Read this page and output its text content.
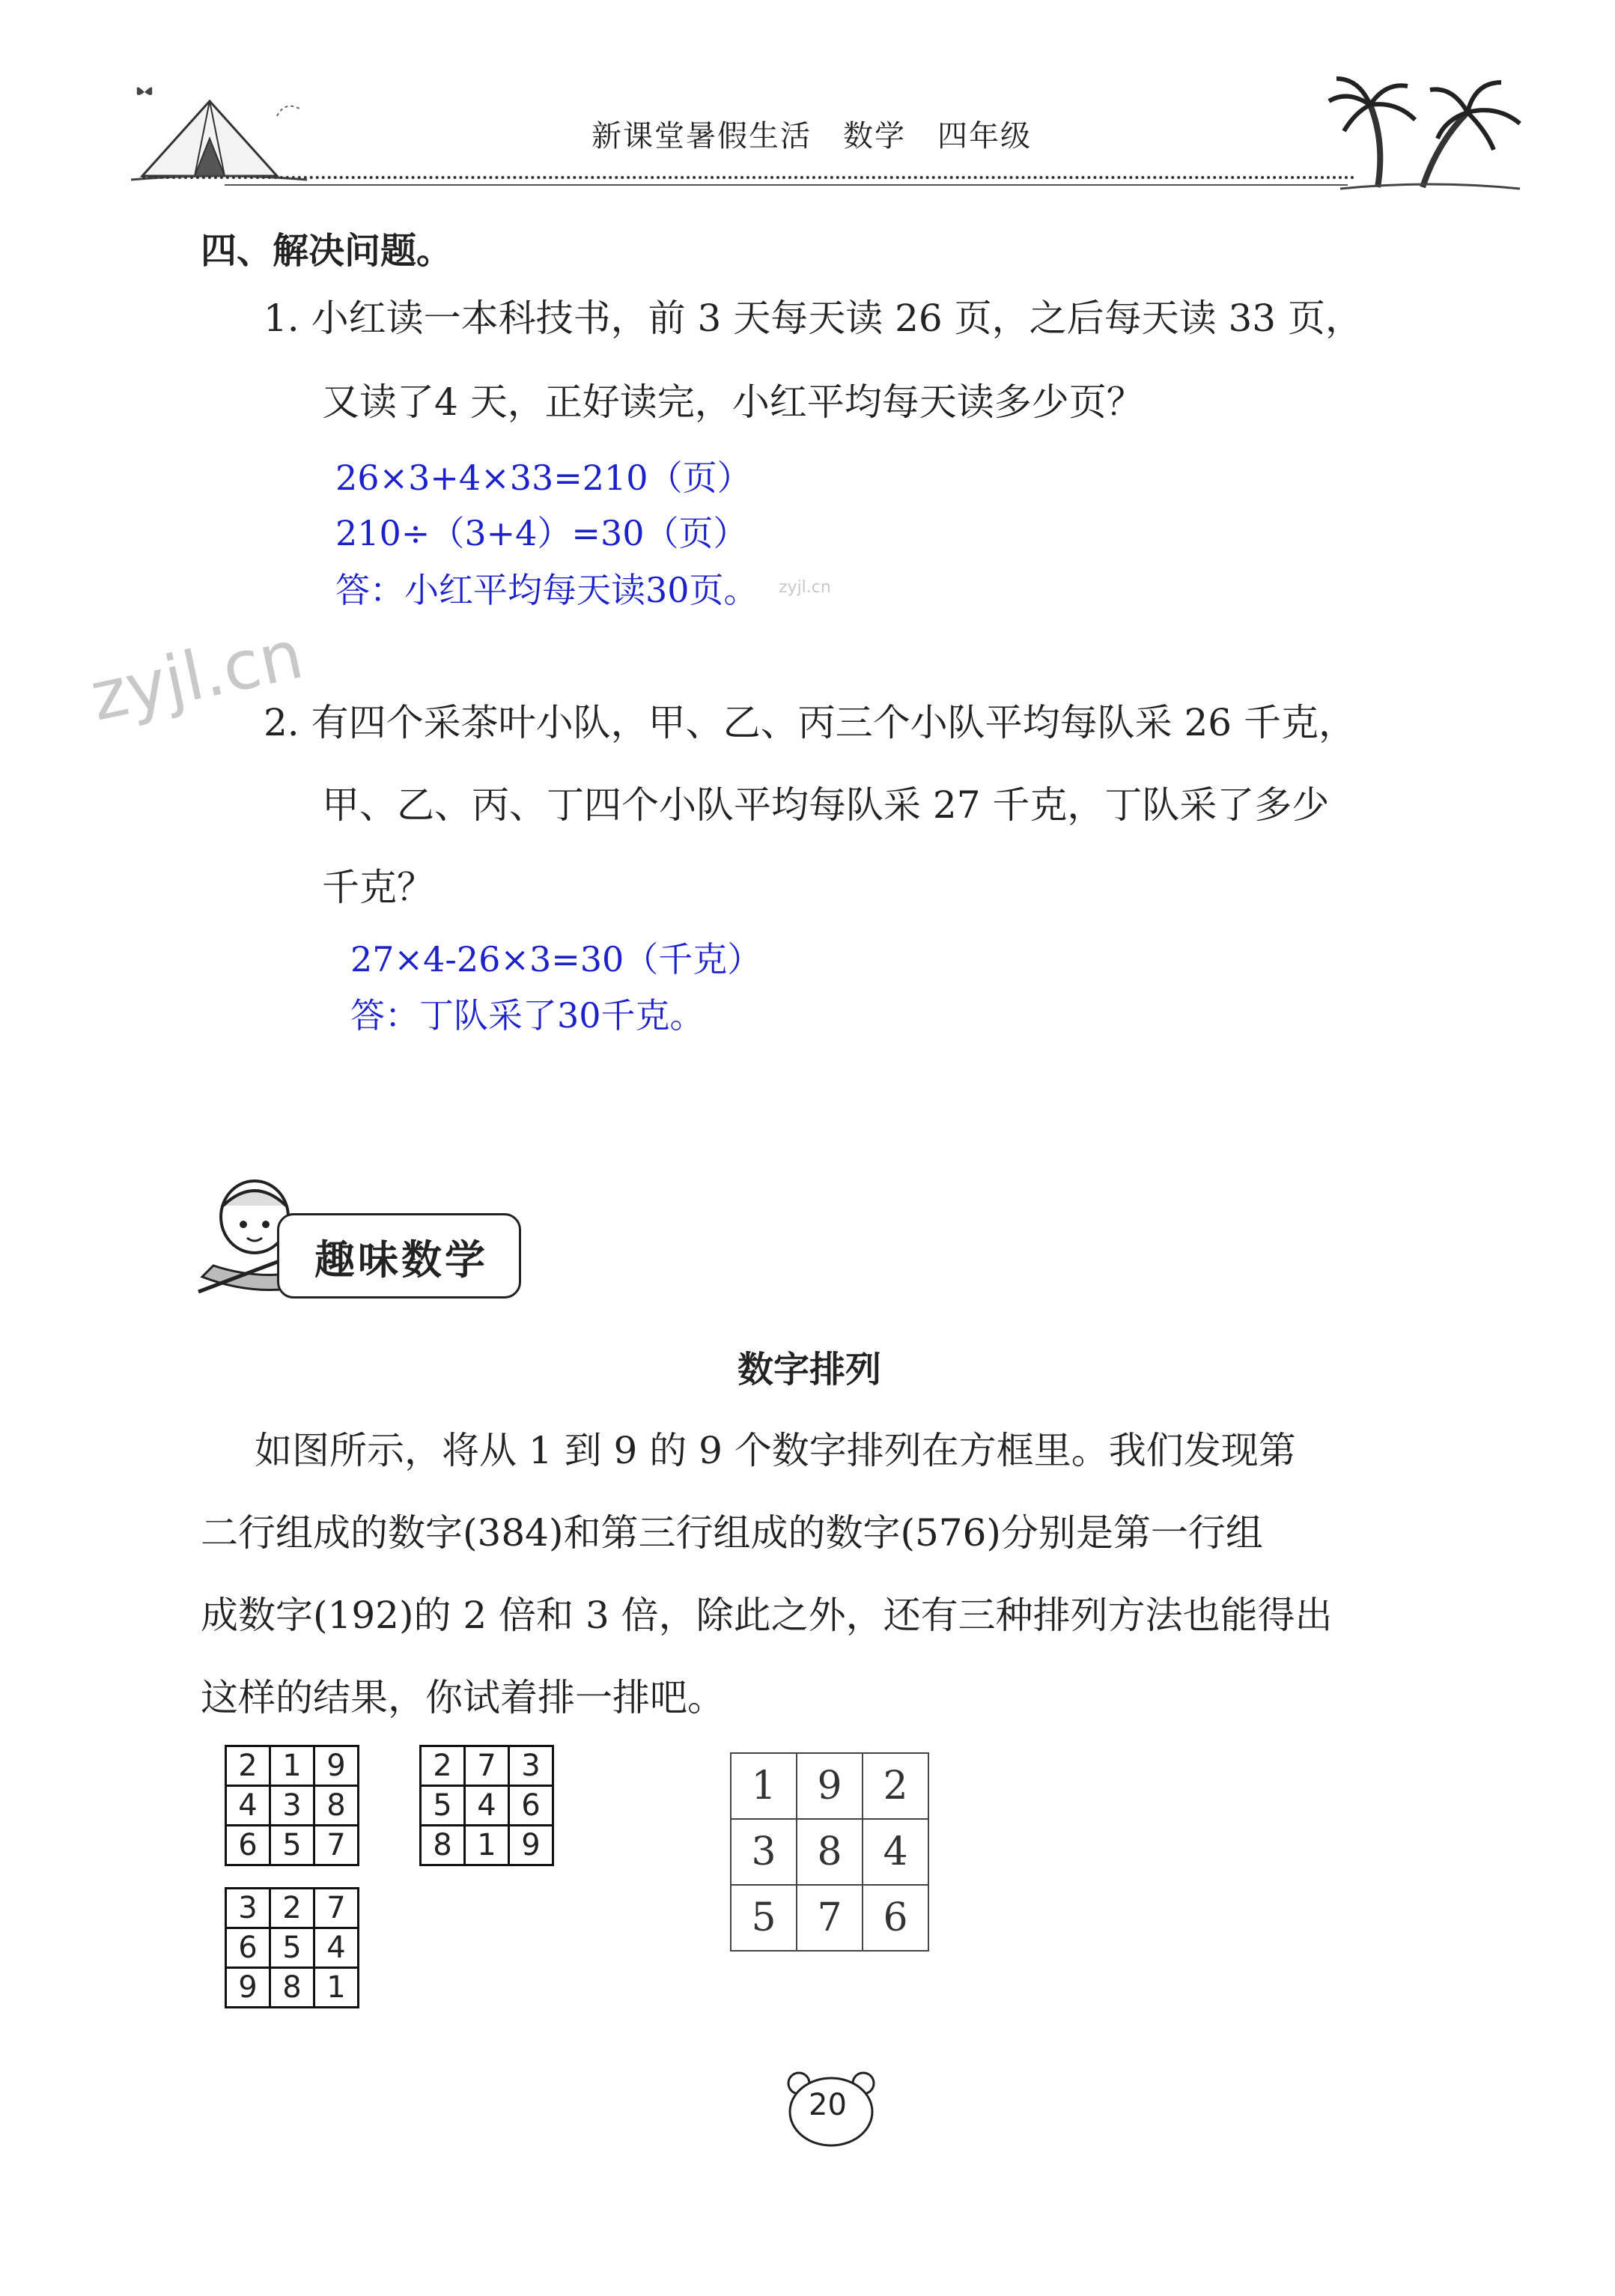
新课堂暑假生活　数学　四年级
四、解决问题。
1. 小红读一本科技书，前 3 天每天读 26 页，之后每天读 33 页，
又读了4 天，正好读完，小红平均每天读多少页？
26×3+4×33=210（页）
210÷（3+4）=30（页）
答：小红平均每天读30页。 zyjl.cn
zyjl.cn
2. 有四个采茶叶小队，甲、乙、丙三个小队平均每队采 26 千克，
甲、乙、丙、丁四个小队平均每队采 27 千克，丁队采了多少
千克？
27×4-26×3=30（千克）
答：丁队采了30千克。
趣味数学
数字排列
如图所示，将从 1 到 9 的 9 个数字排列在方框里。我们发现第
二行组成的数字(384)和第三行组成的数字(576)分别是第一行组
成数字(192)的 2 倍和 3 倍，除此之外，还有三种排列方法也能得出
这样的结果，你试着排一排吧。
2	1	9
4	3	8
6	5	7
2	7	3
5	4	6
8	1	9
3	2	7
6	5	4
9	8	1
1	9	2
3	8	4
5	7	6
20
